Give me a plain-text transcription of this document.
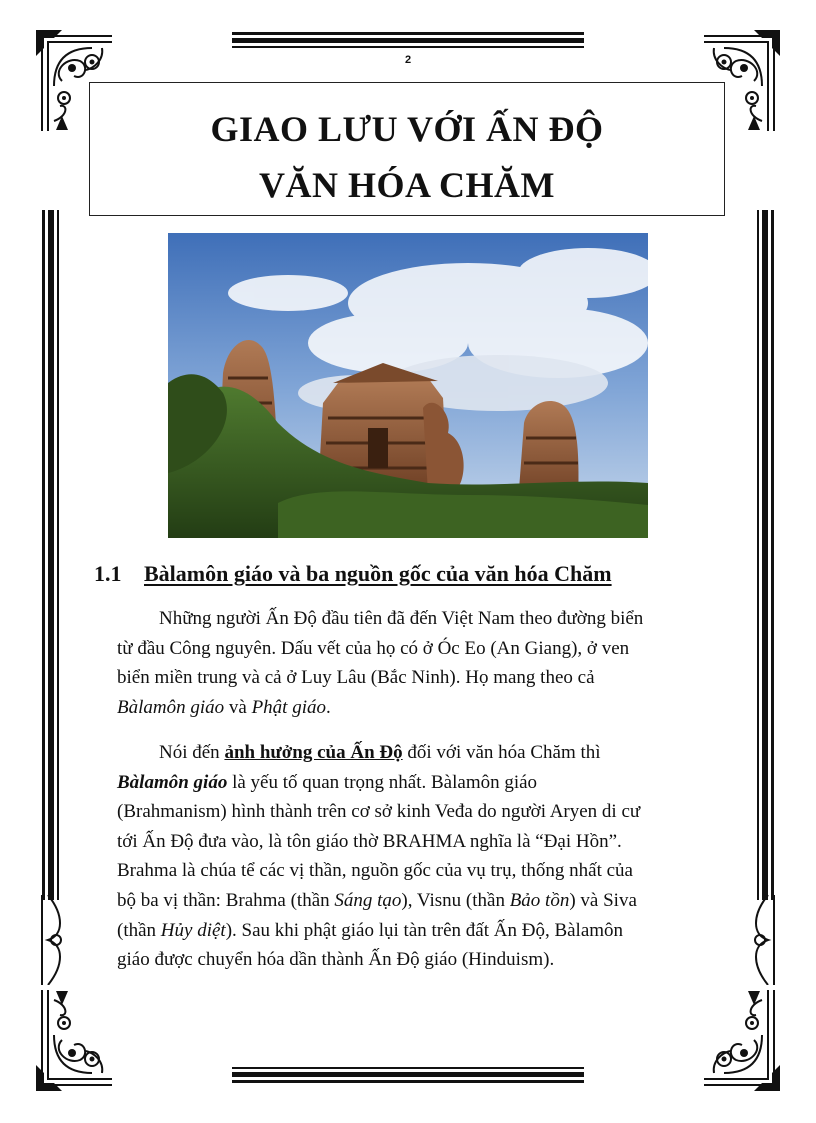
2
GIAO LƯU VỚI ẤN ĐỘ
VĂN HÓA CHĂM
1.1 Bàlamôn giáo và ba nguồn gốc của văn hóa Chăm

Những người Ấn Độ đầu tiên đã đến Việt Nam theo đường biển

từ đầu Công nguyên. Dấu vết của họ có ở Óc Eo (An Giang), ở ven

biển miền trung và cả ở Luy Lâu (Bắc Ninh). Họ mang theo cả

Bàlamôn giáo và Phật giáo.

Nói đến ảnh hưởng của Ấn Độ đối với văn hóa Chăm thì

Bàlamôn giáo là yếu tố quan trọng nhất. Bàlamôn giáo

(Brahmanism) hình thành trên cơ sở kinh Veđa do người Aryen di cư

tới Ấn Độ đưa vào, là tôn giáo thờ BRAHMA nghĩa là “Đại Hồn”.

Brahma là chúa tể các vị thần, nguồn gốc của vụ trụ, thống nhất của

bộ ba vị thần: Brahma (thần Sáng tạo), Visnu (thần Bảo tồn) và Siva

(thần Hủy diệt). Sau khi phật giáo lụi tàn trên đất Ấn Độ, Bàlamôn

giáo được chuyển hóa dần thành Ấn Độ giáo (Hinduism).
